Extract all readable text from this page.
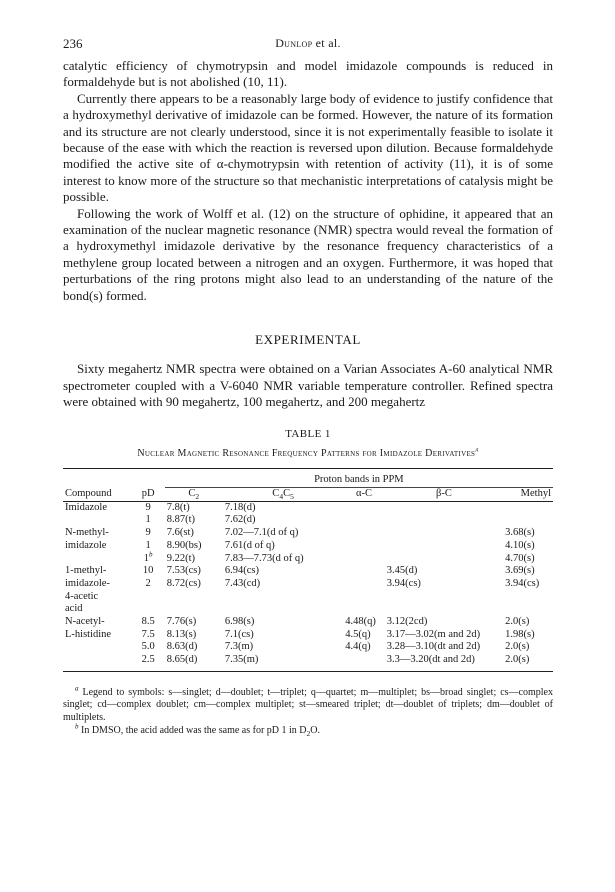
236	Dunlop et al.

catalytic efficiency of chymotrypsin and model imidazole compounds is reduced in formaldehyde but is not abolished (10, 11).

Currently there appears to be a reasonably large body of evidence to justify confidence that a hydroxymethyl derivative of imidazole can be formed. However, the nature of its formation and its structure are not clearly understood, since it is not experimentally feasible to isolate it because of the ease with which the reaction is reversed upon dilution. Because formaldehyde modified the active site of α-chymotrypsin with retention of activity (11), it is of some interest to know more of the structure so that mechanistic interpretations of catalysis might be possible.

Following the work of Wolff et al. (12) on the structure of ophidine, it appeared that an examination of the nuclear magnetic resonance (NMR) spectra would reveal the formation of a hydroxymethyl imidazole derivative by the resonance frequency characteristics of a methylene group located between a nitrogen and an oxygen. Furthermore, it was hoped that perturbations of the ring protons might also lead to an understanding of the nature of the bond(s) formed.

EXPERIMENTAL

Sixty megahertz NMR spectra were obtained on a Varian Associates A-60 analytical NMR spectrometer coupled with a V-6040 NMR variable temperature controller. Refined spectra were obtained with 90 megahertz, 100 megahertz, and 200 megahertz

TABLE 1
Nuclear Magnetic Resonance Frequency Patterns for Imidazole Derivatives$^a$

		Proton bands in PPM				
Compound	pD	$C_2$	$C_4C_5$	α-C	β-C	Methyl
Imidazole	9	7.8(t)	7.18(d)			
	1	8.87(t)	7.62(d)			
N-methyl-	9	7.6(st)	7.02—7.1(d of q)			3.68(s)
imidazole	1	8.90(bs)	7.61(d of q)			4.10(s)
	1$^b$	9.22(t)	7.83—7.73(d of q)			4.70(s)
1-methyl-	10	7.53(cs)	6.94(cs)		3.45(d)	3.69(s)
imidazole-	2	8.72(cs)	7.43(cd)		3.94(cs)	3.94(cs)
4-acetic						
acid						
N-acetyl-	8.5	7.76(s)	6.98(s)	4.48(q)	3.12(2cd)	2.0(s)
L-histidine	7.5	8.13(s)	7.1(cs)	4.5(q)	3.17—3.02(m and 2d)	1.98(s)
	5.0	8.63(d)	7.3(m)	4.4(q)	3.28—3.10(dt and 2d)	2.0(s)
	2.5	8.65(d)	7.35(m)		3.3—3.20(dt and 2d)	2.0(s)

$^a$ Legend to symbols: s—singlet; d—doublet; t—triplet; q—quartet; m—multiplet; bs—broad singlet; cs—complex singlet; cd—complex doublet; cm—complex multiplet; st—smeared triplet; dt—doublet of triplets; dm—doublet of multiplets.

$^b$ In DMSO, the acid added was the same as for pD 1 in $D_2O$.
